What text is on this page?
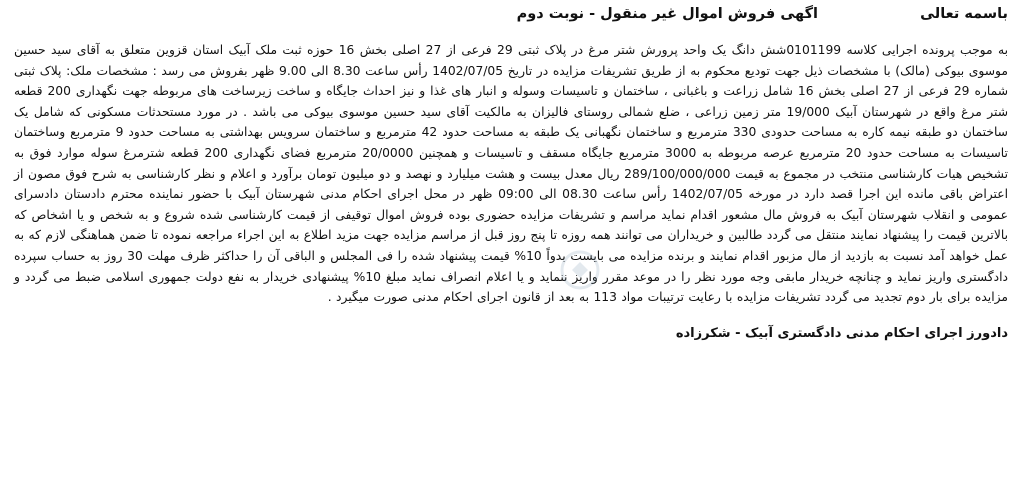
باسمه تعالی
اگهی فروش اموال غیر منقول - نوبت دوم
به موجب پرونده اجرایی کلاسه 0101199شش دانگ یک واحد پرورش شتر مرغ در پلاک ثبتی 29 فرعی از 27 اصلی بخش 16 حوزه ثبت ملک آبیک استان قزوین متعلق به آقای سید حسین موسوی بیوکی (مالک) با مشخصات ذیل جهت تودیع محکوم به از طریق تشریفات مزایده در تاریخ 1402/07/05 رأس ساعت 8.30 الی 9.00 ظهر بفروش می رسد : مشخصات ملک: پلاک ثبتی شماره 29 فرعی از 27 اصلی بخش 16 شامل زراعت و باغبانی ، ساختمان و تاسیسات وسوله و انبار های غذا و نیز احداث جایگاه و ساخت زیرساخت های مربوطه جهت نگهداری 200 قطعه شتر مرغ واقع در شهرستان آبیک 19/000 متر زمین زراعی ، ضلع شمالی روستای فالیزان به مالکیت آقای سید حسین موسوی بیوکی می باشد . در مورد مستحدثات مسکونی که شامل یک ساختمان دو طبقه نیمه کاره به مساحت حدودی 330 مترمربع و ساختمان نگهبانی یک طبقه به مساحت حدود 42 مترمربع و ساختمان سرویس بهداشتی به مساحت حدود 9 مترمربع وساختمان تاسیسات به مساحت حدود 20 مترمربع عرصه مربوطه به 3000 مترمربع جایگاه مسقف و تاسیسات و همچنین 20/0000 مترمربع فضای نگهداری 200 قطعه شترمرغ سوله موارد فوق به تشخیص هیات کارشناسی منتخب در مجموع به قیمت 289/100/000/000 ریال معدل بیست و هشت میلیارد و نهصد و دو میلیون تومان برآورد و اعلام و نظر کارشناسی به شرح فوق مصون از اعتراض باقی مانده این اجرا قصد دارد در مورخه 1402/07/05 رأس ساعت 08.30 الی 09:00 ظهر در محل اجرای احکام مدنی شهرستان آبیک با حضور نماینده محترم دادستان دادسرای عمومی و انقلاب شهرستان آبیک به فروش مال مشعور اقدام نماید مراسم و تشریفات مزایده حضوری بوده فروش اموال توقیفی از قیمت کارشناسی شده شروع و به شخص و یا اشخاص که بالاترین قیمت را پیشنهاد نمایند منتقل می گردد طالبین و خریداران می توانند همه روزه تا پنج روز قبل از مراسم مزایده جهت مزید اطلاع به این اجراء مراجعه نموده تا ضمن هماهنگی لازم که به عمل خواهد آمد نسبت به بازدید از مال مزبور اقدام نمایند و برنده مزایده می بایست بدواً 10% قیمت پیشنهاد شده را فی المجلس و الباقی آن را حداکثر ظرف مهلت 30 روز به حساب سپرده دادگستری واریز نماید و چنانچه خریدار مابقی وجه مورد نظر را در موعد مقرر واریز ننماید و یا اعلام انصراف نماید مبلغ 10% پیشنهادی خریدار به نفع دولت جمهوری اسلامی ضبط می گردد و مزایده برای بار دوم تجدید می گردد تشریفات مزایده با رعایت ترتیبات مواد 113 به بعد از قانون اجرای احکام مدنی صورت میگیرد .
دادورز اجرای احکام مدنی دادگستری آبیک - شکرزاده
